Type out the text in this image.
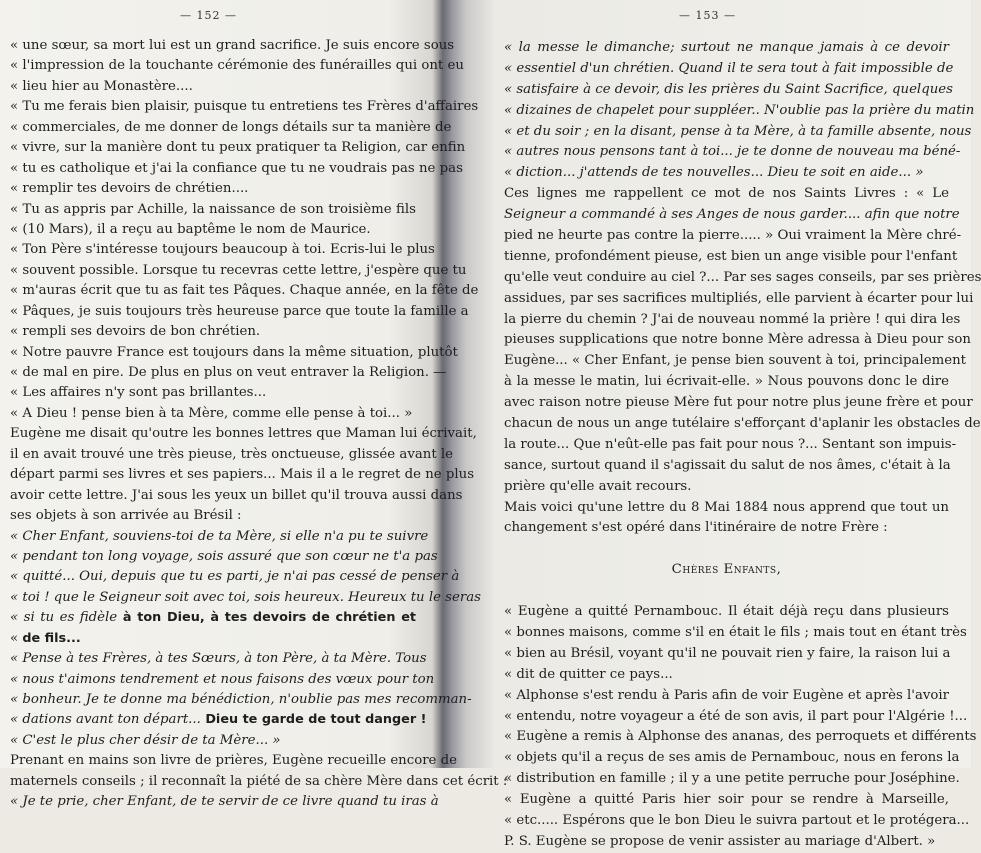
— 152 —
« une sœur, sa mort lui est un grand sacrifice. Je suis encore sous
« l'impression de la touchante cérémonie des funérailles qui ont eu
« lieu hier au Monastère....
« Tu me ferais bien plaisir, puisque tu entretiens tes Frères d'affaires
« commerciales, de me donner de longs détails sur ta manière de
« vivre, sur la manière dont tu peux pratiquer ta Religion, car enfin
« tu es catholique et j'ai la confiance que tu ne voudrais pas ne pas
« remplir tes devoirs de chrétien....
« Tu as appris par Achille, la naissance de son troisième fils
« (10 Mars), il a reçu au baptême le nom de Maurice.
« Ton Père s'intéresse toujours beaucoup à toi. Ecris-lui le plus
« souvent possible. Lorsque tu recevras cette lettre, j'espère que tu
« m'auras écrit que tu as fait tes Pâques. Chaque année, en la fête de
« Pâques, je suis toujours très heureuse parce que toute la famille a
« rempli ses devoirs de bon chrétien.
« Notre pauvre France est toujours dans la même situation, plutôt
« de mal en pire. De plus en plus on veut entraver la Religion. —
« Les affaires n'y sont pas brillantes...
« A Dieu ! pense bien à ta Mère, comme elle pense à toi... »
Eugène me disait qu'outre les bonnes lettres que Maman lui écrivait,
il en avait trouvé une très pieuse, très onctueuse, glissée avant le
départ parmi ses livres et ses papiers... Mais il a le regret de ne plus
avoir cette lettre. J'ai sous les yeux un billet qu'il trouva aussi dans
ses objets à son arrivée au Brésil :
« Cher Enfant, souviens-toi de ta Mère, si elle n'a pu te suivre
« pendant ton long voyage, sois assuré que son cœur ne t'a pas
« quitté... Oui, depuis que tu es parti, je n'ai pas cessé de penser à
« toi ! que le Seigneur soit avec toi, sois heureux. Heureux tu le seras
« si tu es fidèle à ton Dieu, à tes devoirs de chrétien et
« de fils...
« Pense à tes Frères, à tes Sœurs, à ton Père, à ta Mère. Tous
« nous t'aimons tendrement et nous faisons des vœux pour ton
« bonheur. Je te donne ma bénédiction, n'oublie pas mes recomman-
« dations avant ton départ... Dieu te garde de tout danger !
« C'est le plus cher désir de ta Mère... »
Prenant en mains son livre de prières, Eugène recueille encore de
maternels conseils ; il reconnaît la piété de sa chère Mère dans cet écrit :
« Je te prie, cher Enfant, de te servir de ce livre quand tu iras à
— 153 —
« la messe le dimanche; surtout ne manque jamais à ce devoir
« essentiel d'un chrétien. Quand il te sera tout à fait impossible de
« satisfaire à ce devoir, dis les prières du Saint Sacrifice, quelques
« dizaines de chapelet pour suppléer.. N'oublie pas la prière du matin
« et du soir ; en la disant, pense à ta Mère, à ta famille absente, nous
« autres nous pensons tant à toi... je te donne de nouveau ma béné-
« diction... j'attends de tes nouvelles... Dieu te soit en aide... »
Ces lignes me rappellent ce mot de nos Saints Livres : « Le
Seigneur a commandé à ses Anges de nous garder.... afin que notre
pied ne heurte pas contre la pierre..... » Oui vraiment la Mère chré-
tienne, profondément pieuse, est bien un ange visible pour l'enfant
qu'elle veut conduire au ciel ?... Par ses sages conseils, par ses prières
assidues, par ses sacrifices multipliés, elle parvient à écarter pour lui
la pierre du chemin ? J'ai de nouveau nommé la prière ! qui dira les
pieuses supplications que notre bonne Mère adressa à Dieu pour son
Eugène... « Cher Enfant, je pense bien souvent à toi, principalement
à la messe le matin, lui écrivait-elle. » Nous pouvons donc le dire
avec raison notre pieuse Mère fut pour notre plus jeune frère et pour
chacun de nous un ange tutélaire s'efforçant d'aplanir les obstacles de
la route... Que n'eût-elle pas fait pour nous ?... Sentant son impuis-
sance, surtout quand il s'agissait du salut de nos âmes, c'était à la
prière qu'elle avait recours.
Mais voici qu'une lettre du 8 Mai 1884 nous apprend que tout un
changement s'est opéré dans l'itinéraire de notre Frère :
Chères Enfants,
« Eugène a quitté Pernambouc. Il était déjà reçu dans plusieurs
« bonnes maisons, comme s'il en était le fils ; mais tout en étant très
« bien au Brésil, voyant qu'il ne pouvait rien y faire, la raison lui a
« dit de quitter ce pays...
« Alphonse s'est rendu à Paris afin de voir Eugène et après l'avoir
« entendu, notre voyageur a été de son avis, il part pour l'Algérie !...
« Eugène a remis à Alphonse des ananas, des perroquets et différents
« objets qu'il a reçus de ses amis de Pernambouc, nous en ferons la
« distribution en famille ; il y a une petite perruche pour Joséphine.
« Eugène a quitté Paris hier soir pour se rendre à Marseille,
« etc..... Espérons que le bon Dieu le suivra partout et le protégera...
P. S. Eugène se propose de venir assister au mariage d'Albert. »
